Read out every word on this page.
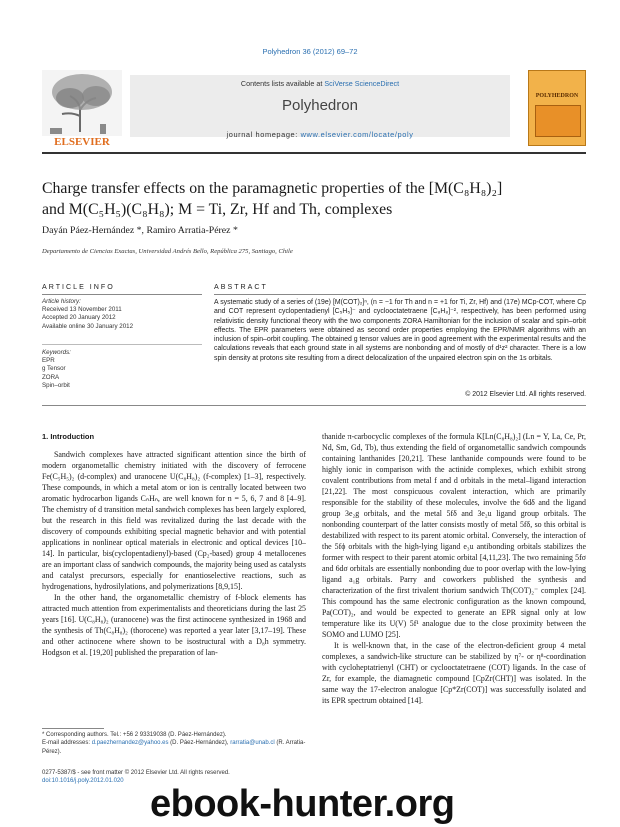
Polyhedron 36 (2012) 69–72
ELSEVIER
Contents lists available at SciVerse ScienceDirect
Polyhedron
journal homepage: www.elsevier.com/locate/poly
POLYHEDRON
Charge transfer effects on the paramagnetic properties of the [M(C₈H₈)₂]
and M(C₅H₅)(C₈H₈); M = Ti, Zr, Hf and Th, complexes
Dayán Páez-Hernández *, Ramiro Arratia-Pérez *
Departamento de Ciencias Exactas, Universidad Andrés Bello, República 275, Santiago, Chile
ARTICLE INFO	ABSTRACT
Article history:
Received 13 November 2011
Accepted 20 January 2012
Available online 30 January 2012
Keywords:
EPR
g Tensor
ZORA
Spin–orbit
A systematic study of a series of (19e) [M(COT)₂]ⁿ, (n = −1 for Th and n = +1 for Ti, Zr, Hf) and (17e) MCp-COT, where Cp and COT represent cyclopentadienyl [C₅H₅]⁻ and cyclooctatetraene [C₈H₈]⁻², respectively, has been performed using relativistic density functional theory with the two components ZORA Hamiltonian for the inclusion of scalar and spin–orbit effects. The EPR parameters were obtained as second order properties employing the EPR/NMR algorithms with an inclusion of spin–orbit coupling. The obtained g tensor values are in good agreement with the experimental results and the calculations reveals that each ground state in all systems are nonbonding and of mostly of d¹z² character. There is a low spin density at protons site resulting from a direct delocalization of the unpaired electron spin on the 1s orbitals.
© 2012 Elsevier Ltd. All rights reserved.
1. Introduction

Sandwich complexes have attracted significant attention since the birth of modern organometallic chemistry initiated with the discovery of ferrocene Fe(C₅H₅)₂ (d-complex) and uranocene U(C₈H₈)₂ (f-complex) [1–3], respectively. These compounds, in which a metal atom or ion is centrally located between two aromatic hydrocarbon ligands CₙHₙ, are well known for n = 5, 6, 7 and 8 [4–9]. The chemistry of d transition metal sandwich complexes has been largely explored, but the research in this field was revitalized during the last decade with the discovery of compounds exhibiting special magnetic behavior and with potential applications in nonlinear optical materials in electronic and optical devices [10–14]. In particular, bis(cyclopentadienyl)-based (Cp₂-based) group 4 metallocenes are an important class of sandwich compounds, the majority being used as catalysts and catalyst precursors, especially for enantioselective reactions, such as hydrogenations, hydrosilylations, and polymerizations [8,9,15].

In the other hand, the organometallic chemistry of f-block elements has attracted much attention from experimentalists and theoreticians during the last 25 years [16]. U(C₈H₈)₂ (uranocene) was the first actinocene synthesized in 1968 and the synthesis of Th(C₈H₈)₂ (thorocene) was reported a year later [3,17–19]. These and other actinocene where shown to be isostructural with a D₈h symmetry. Hodgson et al. [19,20] published the preparation of lan-

thanide π-carbocyclic complexes of the formula K[Ln(C₈H₈)₂] (Ln = Y, La, Ce, Pr, Nd, Sm, Gd, Tb), thus extending the field of organometallic sandwich compounds containing lanthanides [20,21]. These lanthanide compounds were found to be highly ionic in comparison with the actinide complexes, which exhibit strong covalent contributions from metal f and d orbitals in the metal–ligand interaction [21,22]. The most conspicuous covalent interaction, which are primarily responsible for the stability of these molecules, involve the 6dδ and the ligand group 3e₂g orbitals, and the metal 5fδ and 3e₂u ligand group orbitals. The nonbonding counterpart of the latter consists mostly of metal 5fδ, so this orbital is destabilized with respect to its parent atomic orbital. Conversely, the interaction of the 5fϕ orbitals with the high-lying ligand e₃u antibonding orbitals stabilizes the former with respect to their parent atomic orbital [4,11,23]. The two remaining 5fσ and 6dσ orbitals are essentially nonbonding due to poor overlap with the low-lying ligand a₁g orbitals. Parry and coworkers published the synthesis and characterization of the first trivalent thorium sandwich Th(COT)₂⁻ complex [24]. This compound has the same electronic configuration as the known compound, Pa(COT)₂, and would be expected to generate an EPR signal only at low temperature like its U(V) 5f¹ analogue due to the close proximity between the SOMO and LUMO [25].

It is well-known that, in the case of the electron-deficient group 4 metal complexes, a sandwich-like structure can be stabilized by η⁷- or η⁸-coordination with cycloheptatrienyl (CHT) or cyclooctatetraene (COT) ligands. In the case of Zr, for example, the diamagnetic compound [CpZr(CHT)] was isolated. In the same way the 17-electron analogue [Cp*Zr(COT)] was successfully isolated and its EPR spectrum obtained [14].

* Corresponding authors. Tel.: +56 2 93319038 (D. Páez-Hernández).
E-mail addresses: d.paezhernandez@yahoo.es (D. Páez-Hernández), rarratia@unab.cl (R. Arratia-Pérez).
0277-5387/$ - see front matter © 2012 Elsevier Ltd. All rights reserved.
doi:10.1016/j.poly.2012.01.020
ebook-hunter.org
